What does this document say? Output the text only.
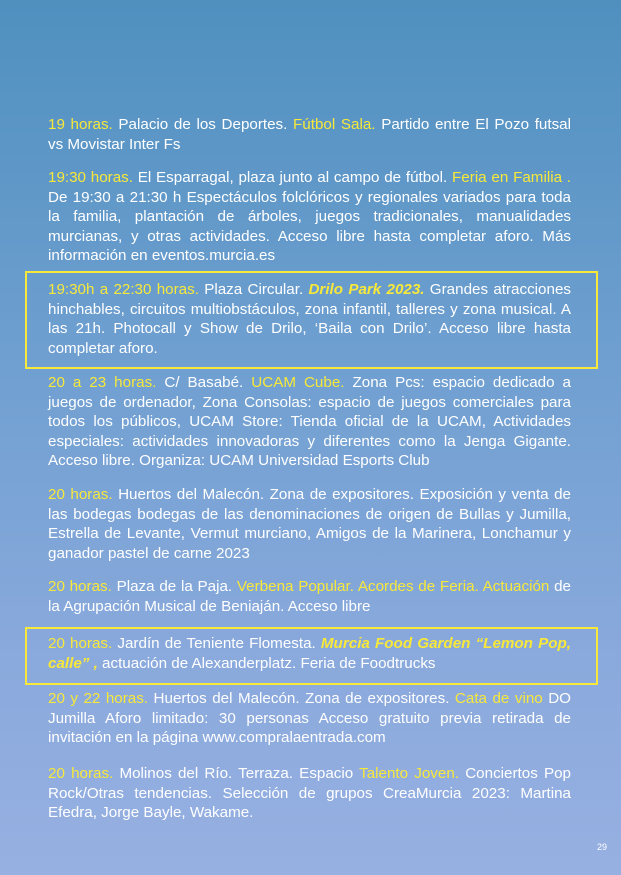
19 horas. Palacio de los Deportes. Fútbol Sala. Partido entre El Pozo futsal vs Movistar Inter Fs

19:30 horas. El Esparragal, plaza junto al campo de fútbol. Feria en Familia . De 19:30 a 21:30 h Espectáculos folclóricos y regionales variados para toda la familia, plantación de árboles, juegos tradicionales, manualidades murcianas, y otras actividades. Acceso libre hasta completar aforo. Más información en eventos.murcia.es

19:30h a 22:30 horas. Plaza Circular. Drilo Park 2023. Grandes atracciones hinchables, circuitos multiobstáculos, zona infantil, talleres y zona musical. A las 21h. Photocall y Show de Drilo, ‘Baila con Drilo’. Acceso libre hasta completar aforo.

20 a 23 horas. C/ Basabé. UCAM Cube. Zona Pcs: espacio dedicado a juegos de ordenador, Zona Consolas: espacio de juegos comerciales para todos los públicos, UCAM Store: Tienda oficial de la UCAM, Actividades especiales: actividades innovadoras y diferentes como la Jenga Gigante. Acceso libre. Organiza: UCAM Universidad Esports Club

20 horas. Huertos del Malecón. Zona de expositores. Exposición y venta de las bodegas bodegas de las denominaciones de origen de Bullas y Jumilla, Estrella de Levante, Vermut murciano, Amigos de la Marinera, Lonchamur y ganador pastel de carne 2023

20 horas. Plaza de la Paja. Verbena Popular. Acordes de Feria. Actuación de la Agrupación Musical de Beniaján. Acceso libre

20 horas. Jardín de Teniente Flomesta. Murcia Food Garden “Lemon Pop, calle” , actuación de Alexanderplatz. Feria de Foodtrucks

20 y 22 horas. Huertos del Malecón. Zona de expositores. Cata de vino DO Jumilla Aforo limitado: 30 personas Acceso gratuito previa retirada de invitación en la página www.compralaentrada.com

20 horas. Molinos del Río. Terraza. Espacio Talento Joven. Conciertos Pop Rock/Otras tendencias. Selección de grupos CreaMurcia 2023: Martina Efedra, Jorge Bayle, Wakame.

29
